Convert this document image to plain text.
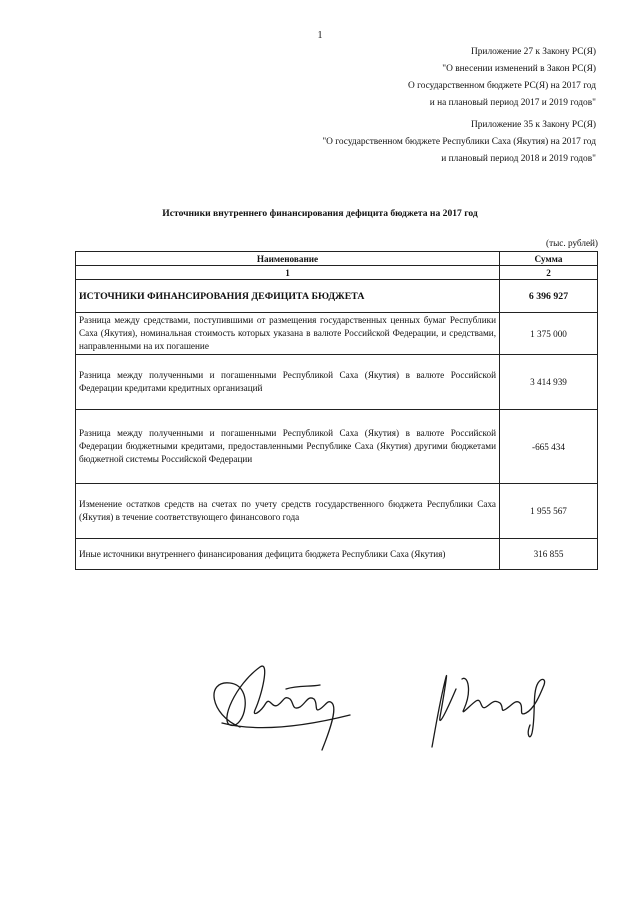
1
Приложение 27 к Закону РС(Я)
"О внесении изменений в Закон РС(Я)
О государственном бюджете РС(Я) на 2017 год
и на плановый период 2017 и 2019 годов"
Приложение 35 к Закону РС(Я)
"О государственном бюджете Республики Саха (Якутия) на 2017 год
и плановый период 2018 и 2019 годов"
Источники внутреннего финансирования дефицита бюджета на 2017 год
(тыс. рублей)
Наименование	Сумма
1	2
ИСТОЧНИКИ ФИНАНСИРОВАНИЯ ДЕФИЦИТА БЮДЖЕТА	6 396 927
Разница между средствами, поступившими от размещения государственных ценных бумаг Республики Саха (Якутия), номинальная стоимость которых указана в валюте Российской Федерации, и средствами, направленными на их погашение	1 375 000
Разница между полученными и погашенными Республикой Саха (Якутия) в валюте Российской Федерации кредитами кредитных организаций	3 414 939
Разница между полученными и погашенными Республикой Саха (Якутия) в валюте Российской Федерации бюджетными кредитами, предоставленными Республике Саха (Якутия) другими бюджетами бюджетной системы Российской Федерации	-665 434
Изменение остатков средств на счетах по учету средств государственного бюджета Республики Саха (Якутия) в течение соответствующего финансового года	1 955 567
Иные источники внутреннего финансирования дефицита бюджета Республики Саха (Якутия)	316 855
